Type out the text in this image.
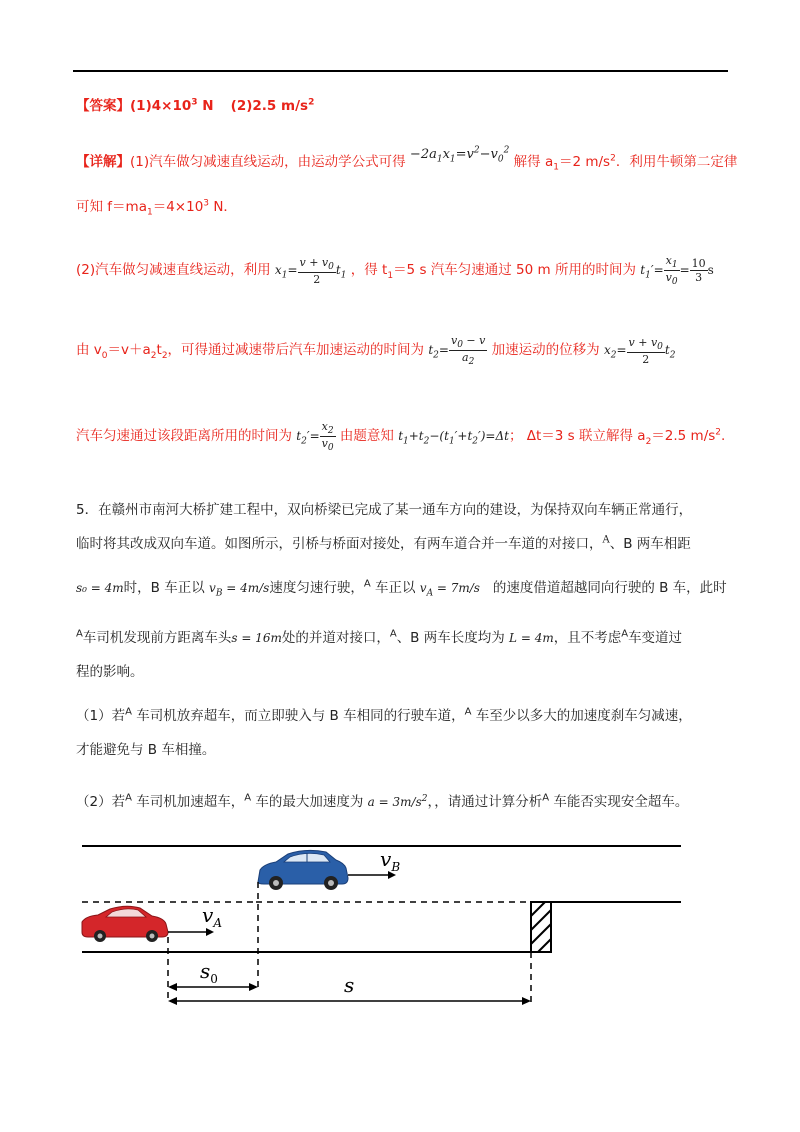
【答案】$(1)4\times 10^3$ N (2)2.5 $m/s^2$
【详解】(1)汽车做匀减速直线运动，由运动学公式可得 $-2a_1x_1=v^2-v_0^2$ 解得 $a_1=2$ $m/s^2$．利用牛顿第二定律
可知 $f=ma_1=4\times 10^3$ N．
(2)汽车做匀减速直线运动，利用 $x_1= \frac{v + v_0}{2} t_1$ ，得 $t_1=5$ s 汽车匀速通过 50 m 所用的时间为 $t_1'= \frac{x_1}{v_0} = \frac{10}{3}$ s
由 $v_0=v+a_2t_2$，可得通过减速带后汽车加速运动的时间为 $t_2= \frac{v_0 - v}{a_2}$ 加速运动的位移为 $x_2= \frac{v + v_0}{2} t_2$
汽车匀速通过该段距离所用的时间为 $t_2'= \frac{x_2}{v_0}$ 由题意知 $t_1+t_2-(t_1'+t_2')=\Delta t$； Δt＝3 s 联立解得 $a_2=2.5$ $m/s^2$.
5．在赣州市南河大桥扩建工程中，双向桥梁已完成了某一通车方向的建设，为保持双向车辆正常通行，
临时将其改成双向车道。如图所示，引桥与桥面对接处，有两车道合并一车道的对接口，$^A$、B 两车相距
s₀ = 4m时，B 车正以 $v_B = 4m/s$速度匀速行驶，$^A$ 车正以 $v_A = 7m/s$ 的速度借道超越同向行驶的 B 车，此时
$^A$车司机发现前方距离车头s = 16m处的并道对接口，$^A$、B 两车长度均为 L = 4m，且不考虑$^A$车变道过
程的影响。
（1）若$^A$ 车司机放弃超车，而立即驶入与 B 车相同的行驶车道，$^A$ 车至少以多大的加速度刹车匀减速，
才能避免与 B 车相撞。
（2）若$^A$ 车司机加速超车，$^A$ 车的最大加速度为 $a = 3m/s^2$，，请通过计算分析$^A$ 车能否实现安全超车。
$v_B$
$v_A$
$s_0$	s
